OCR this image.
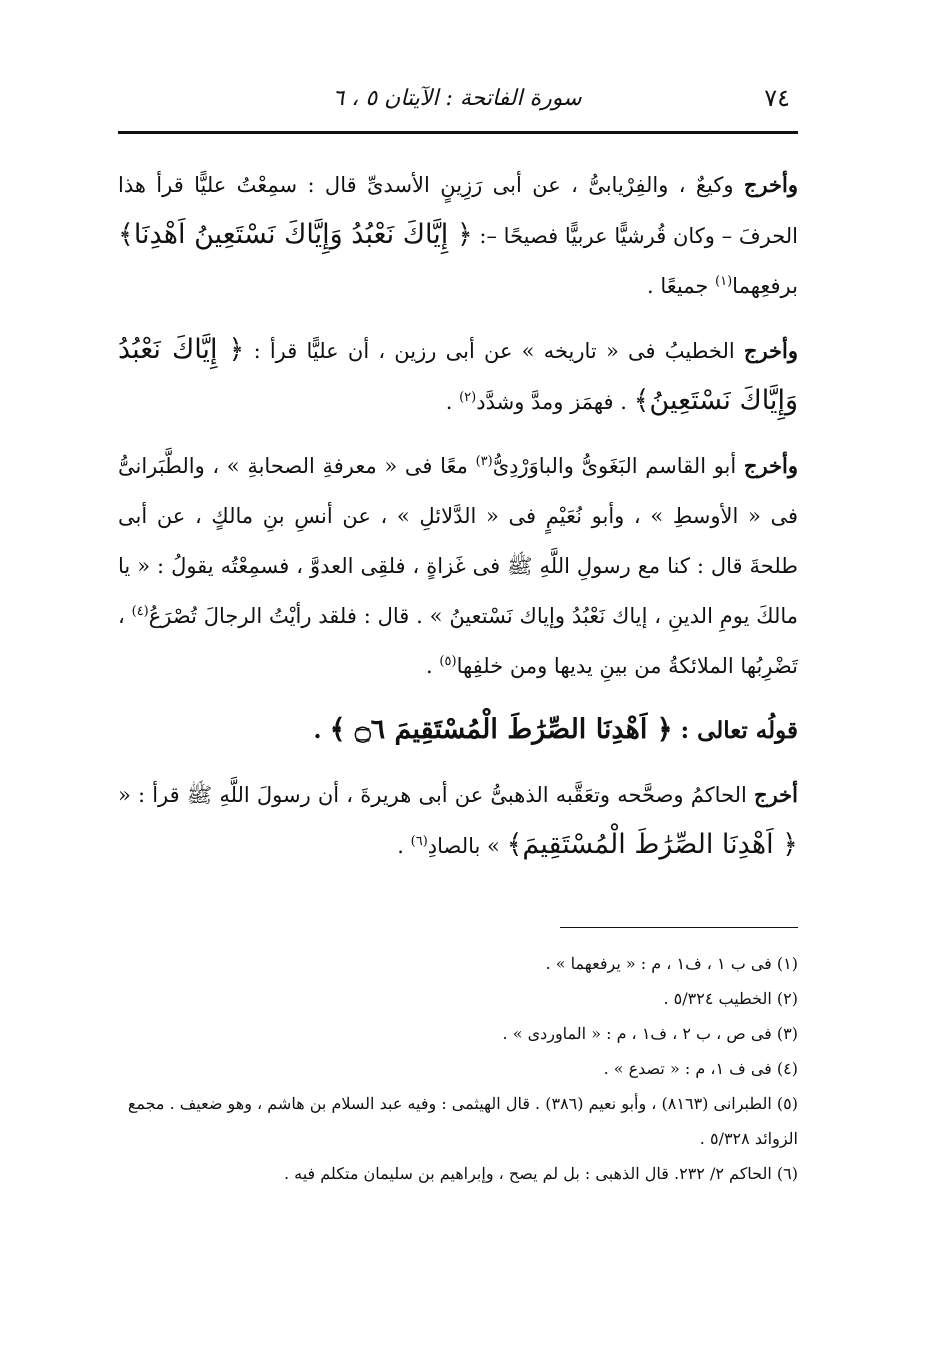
٧٤
سورة الفاتحة : الآيتان ٥ ، ٦

وأخرج وكيعٌ ، والفِرْيابىُّ ، عن أبى رَزِينٍ الأسدىِّ قال : سمِعْتُ عليًّا قرأ هذا الحرفَ – وكان قُرشيًّا عربيًّا فصيحًا –: ﴿ إِيَّاكَ نَعْبُدُ وَإِيَّاكَ نَسْتَعِينُ اَهْدِنَا﴾ برفعِهما$^{(١)}$ جميعًا .

وأخرج الخطيبُ فى « تاريخه » عن أبى رزين ، أن عليًّا قرأ : ﴿ إِيَّاكَ نَعْبُدُ وَإِيَّاكَ نَسْتَعِينُ﴾ . فهمَز ومدَّ وشدَّد$^{(٢)}$ .

وأخرج أبو القاسم البَغَوىُّ والباوَرْدِىُّ$^{(٣)}$ معًا فى « معرفةِ الصحابةِ » ، والطَّبَرانىُّ فى « الأوسطِ » ، وأبو نُعَيْمٍ فى « الدَّلائلِ » ، عن أنسِ بنِ مالكٍ ، عن أبى طلحةَ قال : كنا مع رسولِ اللَّهِ ﷺ فى غَزاةٍ ، فلقِى العدوَّ ، فسمِعْتُه يقولُ : « يا مالكَ يومِ الدينِ ، إياك نَعْبُدُ وإياك نَسْتعينُ » . قال : فلقد رأيْتُ الرجالَ تُصْرَعُ$^{(٤)}$ ، تَضْرِبُها الملائكةُ من بينِ يديها ومن خلفِها$^{(٥)}$ .

قولُه تعالى : ﴿ اَهْدِنَا الصِّرَٰطَ الْمُسْتَقِيمَ ۝٦ ﴾ .

أخرج الحاكمُ وصحَّحه وتعَقَّبه الذهبىُّ عن أبى هريرةَ ، أن رسولَ اللَّهِ ﷺ قرأ : « ﴿ اَهْدِنَا الصِّرَٰطَ الْمُسْتَقِيمَ﴾ » بالصادِ$^{(٦)}$ .

(١) فى ب ١ ، ف١ ، م : « يرفعهما » .

(٢) الخطيب ٥/٣٢٤ .

(٣) فى ص ، ب ٢ ، ف١ ، م : « الماوردى » .

(٤) فى ف ١، م : « تصدع » .

(٥) الطبرانى (٨١٦٣) ، وأبو نعيم (٣٨٦) . قال الهيثمى : وفيه عبد السلام بن هاشم ، وهو ضعيف . مجمع الزوائد ٥/٣٢٨ .

(٦) الحاكم ٢/ ٢٣٢. قال الذهبى : بل لم يصح ، وإبراهيم بن سليمان متكلم فيه .
